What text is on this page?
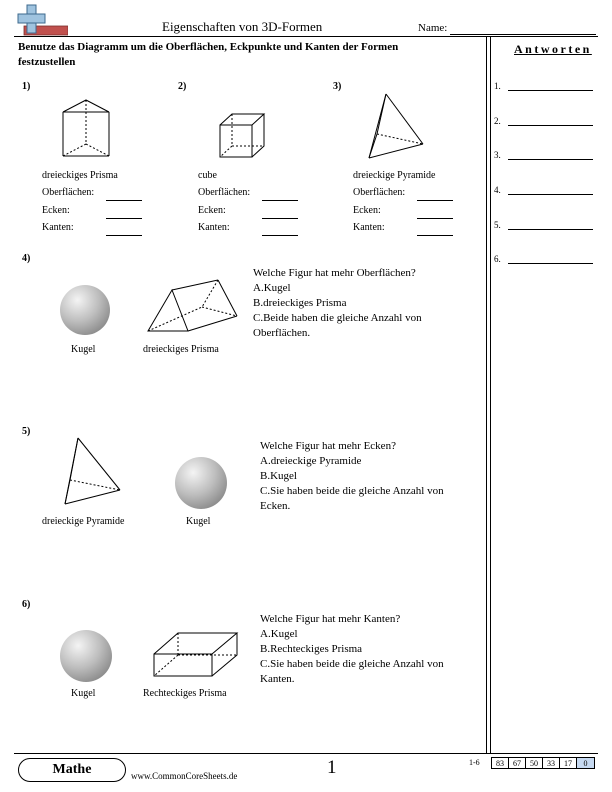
Eigenschaften von 3D-Formen	Name:
Benutze das Diagramm um die Oberflächen, Eckpunkte und Kanten der Formen festzustellen
Antworten
1.
2.
3.
4.
5.
6.
1)
dreieckiges Prisma
Oberflächen:
Ecken:
Kanten:
2)
cube
Oberflächen:
Ecken:
Kanten:
3)
dreieckige Pyramide
Oberflächen:
Ecken:
Kanten:
4)
Kugel	dreieckiges Prisma
Welche Figur hat mehr Oberflächen?
A.Kugel
B.dreieckiges Prisma
C.Beide haben die gleiche Anzahl von
Oberflächen.
5)
dreieckige Pyramide	Kugel
Welche Figur hat mehr Ecken?
A.dreieckige Pyramide
B.Kugel
C.Sie haben beide die gleiche Anzahl von
Ecken.
6)
Kugel	Rechteckiges Prisma
Welche Figur hat mehr Kanten?
A.Kugel
B.Rechteckiges Prisma
C.Sie haben beide die gleiche Anzahl von
Kanten.
Mathe	www.CommonCoreSheets.de	1	1-6	83	67	50	33	17	0
